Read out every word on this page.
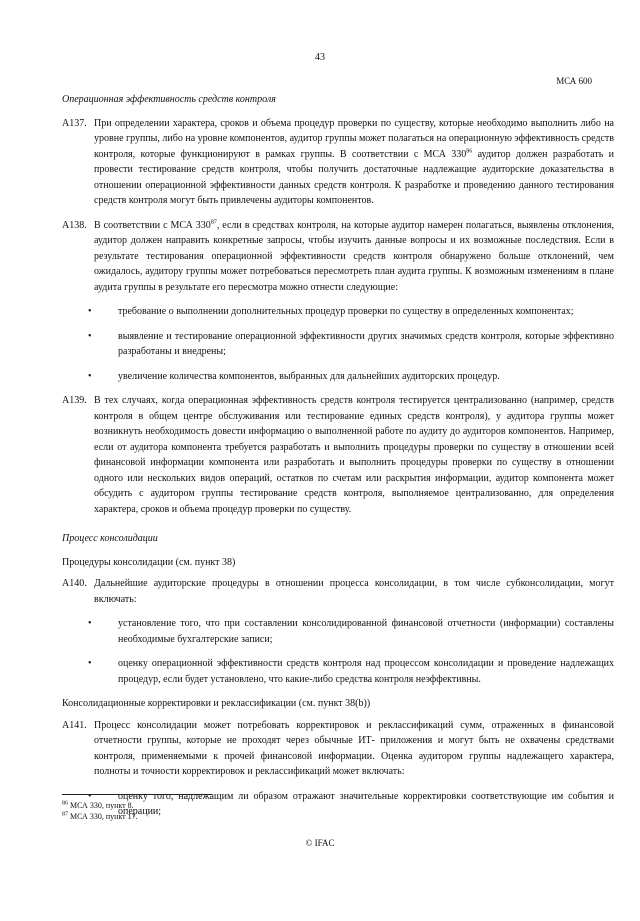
43
МСА 600

Операционная эффективность средств контроля

A137. При определении характера, сроков и объема процедур проверки по существу, которые необходимо выполнить либо на уровне группы, либо на уровне компонентов, аудитор группы может полагаться на операционную эффективность средств контроля, которые функционируют в рамках группы. В соответствии с МСА $330^{86}$ аудитор должен разработать и провести тестирование средств контроля, чтобы получить достаточные надлежащие аудиторские доказательства в отношении операционной эффективности данных средств контроля. К разработке и проведению данного тестирования средств контроля могут быть привлечены аудиторы компонентов.
A138. В соответствии с МСА $330^{87}$, если в средствах контроля, на которые аудитор намерен полагаться, выявлены отклонения, аудитор должен направить конкретные запросы, чтобы изучить данные вопросы и их возможные последствия. Если в результате тестирования операционной эффективности средств контроля обнаружено больше отклонений, чем ожидалось, аудитору группы может потребоваться пересмотреть план аудита группы. К возможным изменениям в плане аудита группы в результате его пересмотра можно отнести следующие:
•	требование о выполнении дополнительных процедур проверки по существу в определенных компонентах;
•	выявление и тестирование операционной эффективности других значимых средств контроля, которые эффективно разработаны и внедрены;
•	увеличение количества компонентов, выбранных для дальнейших аудиторских процедур.
A139. В тех случаях, когда операционная эффективность средств контроля тестируется централизованно (например, средств контроля в общем центре обслуживания или тестирование единых средств контроля), у аудитора группы может возникнуть необходимость довести информацию о выполненной работе по аудиту до аудиторов компонентов. Например, если от аудитора компонента требуется разработать и выполнить процедуры проверки по существу в отношении всей финансовой информации компонента или разработать и выполнить процедуры проверки по существу в отношении одного или нескольких видов операций, остатков по счетам или раскрытия информации, аудитор компонента может обсудить с аудитором группы тестирование средств контроля, выполняемое централизованно, для определения характера, сроков и объема процедур проверки по существу.

Процесс консолидации

Процедуры консолидации (см. пункт 38)

A140. Дальнейшие аудиторские процедуры в отношении процесса консолидации, в том числе субконсолидации, могут включать:
•	установление того, что при составлении консолидированной финансовой отчетности (информации) составлены необходимые бухгалтерские записи;
•	оценку операционной эффективности средств контроля над процессом консолидации и проведение надлежащих процедур, если будет установлено, что какие-либо средства контроля неэффективны.

Консолидационные корректировки и реклассификации (см. пункт 38(b))

A141. Процесс консолидации может потребовать корректировок и реклассификаций сумм, отраженных в финансовой отчетности группы, которые не проходят через обычные ИТ- приложения и могут быть не охвачены средствами контроля, применяемыми к прочей финансовой информации. Оценка аудитором группы надлежащего характера, полноты и точности корректировок и реклассификаций может включать:
•	оценку того, надлежащим ли образом отражают значительные корректировки соответствующие им события и операции;
$^{86}$ МСА 330, пункт 8.
$^{87}$ МСА 330, пункт 17.
© IFAC
